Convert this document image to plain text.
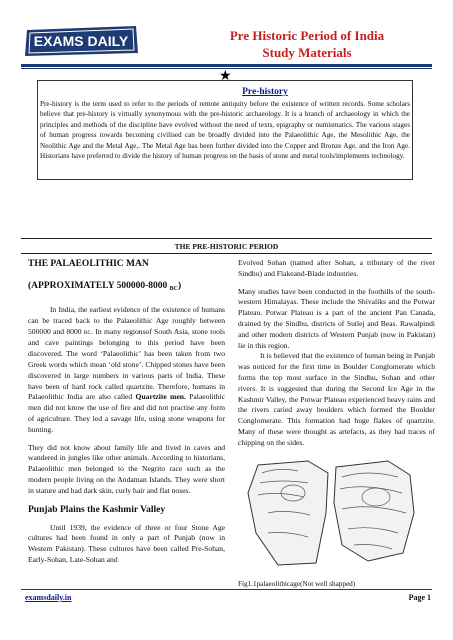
EXAMS DAILY	Pre Historic Period of India
Study Materials
★
Pre-history
Pre-history is the term used to refer to the periods of remote antiquity before the existence of written records. Some scholars believe that pre-history is virtually synonymous with the pre-historic archaeology. It is a branch of archaeology in which the principles and methods of the discipline have evolved without the need of texts, epigraphy or numismatics. The various stages of human progress towards becoming civilised can be broadly divided into the Palaeolithic Age, the Mesolithic Age, the Neolithic Age and the Metal Age,. The Metal Age has been further divided into the Copper and Bronze Age, and the Iron Age. Historians have preferred to divide the history of human progress on the basis of stone and metal tools/implements technology.
THE PRE-HISTORIC PERIOD
THE PALAEOLITHIC MAN
(APPROXIMATELY 500000-8000 $_{BC}$)

In India, the earliest evidence of the existence of humans can be traced back to the Palaeolithic Age roughly between 500000 and 8000 BC. In many regionsof South Asia, stone tools and cave paintings belonging to this period have been discovered. The word ‘Palaeolithic’ has been taken from two Greek words which mean ‘old stone’. Chipped stones have been discovered in large numbers in various parts of India. These have been of hard rock called quartzite. Therefore, humans in Palaeolithic India are also called Quartzite men. Palaeolithic men did not know the use of fire and did not practise any form of agriculture. They led a savage life, using stone weapons for hunting.

They did not know about family life and lived in caves and wandered in jungles like other animals. According to historians, Palaeolithic men belonged to the Negrito race such as the modern people living on the Andaman Islands. They were short in stature and had dark skin, curly hair and flat noses.

Punjab Plains the Kashmir Valley

Until 1939, the evidence of three or four Stone Age cultures had been found in only a part of Punjab (now in Western Pakistan). These cultures have been called Pre-Sohan, Early-Sohan, Late-Sohan and

Evolved Sohan (named after Sohan, a tributary of the river Sindhu) and Flakeand-Blade industries.

Many studies have been conducted in the foothills of the south-western Himalayas. These include the Shivaliks and the Potwar Plateau. Potwar Plateau is a part of the ancient Pan Canada, drained by the Sindhu, districts of Sutlej and Beas. Rawalpindi and other modern districts of Western Punjab (now in Pakistan) lie in this region.

It is believed that the existence of human being in Punjab was noticed for the first time in Boulder Conglomerate which forms the top most surface in the Sindhu, Sohan and other rivers. It is suggested that during the Second Ice Age in the Kashmir Valley, the Potwar Plateau experienced heavy rains and the rivers caried away boulders which formed the Boulder Conglomerate. This formation had huge flakes of quartzite. Many of these were thought as artefacts, as they had traces of chipping on the sides.

Fig1.1palaeolithicage(Not well shapped)
examsdaily.in	Page 1
